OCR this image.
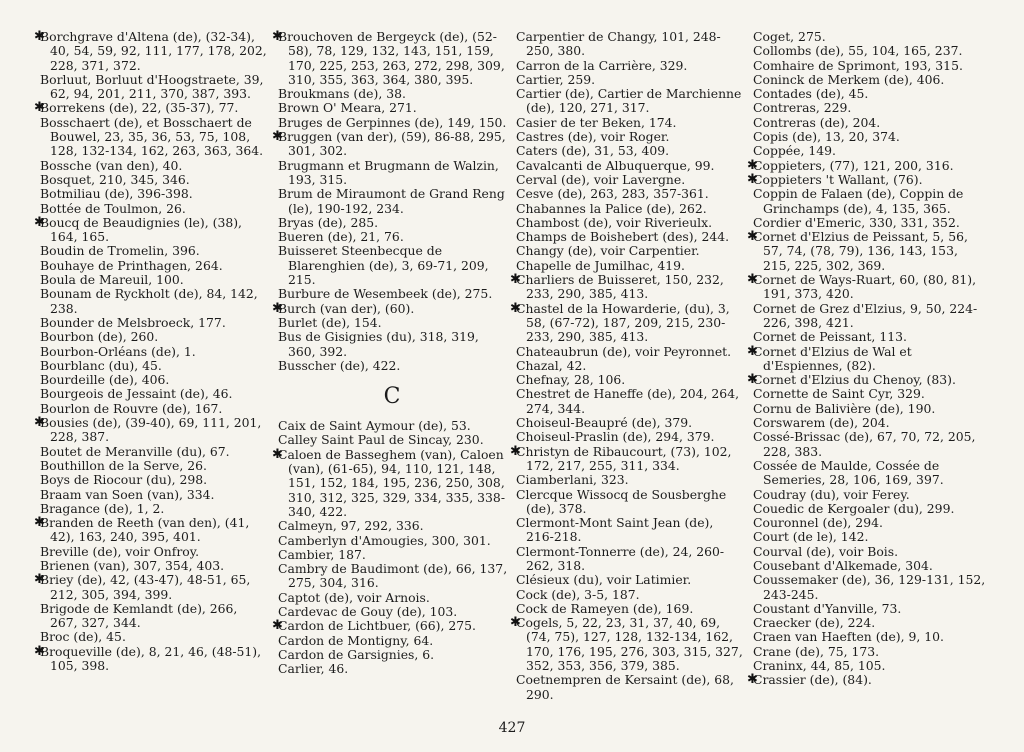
✱ Borchgrave d'Altena (de), (32-34), 40, 54, 59, 92, 111, 177, 178, 202, 228, 371, 372.

Borluut, Borluut d'Hoogstraete, 39, 62, 94, 201, 211, 370, 387, 393.

✱ Borrekens (de), 22, (35-37), 77.

Bosschaert (de), et Bosschaert de Bouwel, 23, 35, 36, 53, 75, 108, 128, 132-134, 162, 263, 363, 364.

Bossche (van den), 40.

Bosquet, 210, 345, 346.

Botmiliau (de), 396-398.

Bottée de Toulmon, 26.

✱ Boucq de Beaudignies (le), (38), 164, 165.

Boudin de Tromelin, 396.

Bouhaye de Printhagen, 264.

Boula de Mareuil, 100.

Bounam de Ryckholt (de), 84, 142, 238.

Bounder de Melsbroeck, 177.

Bourbon (de), 260.

Bourbon-Orléans (de), 1.

Bourblanc (du), 45.

Bourdeille (de), 406.

Bourgeois de Jessaint (de), 46.

Bourlon de Rouvre (de), 167.

✱ Bousies (de), (39-40), 69, 111, 201, 228, 387.

Boutet de Meranville (du), 67.

Bouthillon de la Serve, 26.

Boys de Riocour (du), 298.

Braam van Soen (van), 334.

Bragance (de), 1, 2.

✱ Branden de Reeth (van den), (41, 42), 163, 240, 395, 401.

Breville (de), voir Onfroy.

Brienen (van), 307, 354, 403.

✱ Briey (de), 42, (43-47), 48-51, 65, 212, 305, 394, 399.

Brigode de Kemlandt (de), 266, 267, 327, 344.

Broc (de), 45.

✱ Broqueville (de), 8, 21, 46, (48-51), 105, 398.

✱ Brouchoven de Bergeyck (de), (52-58), 78, 129, 132, 143, 151, 159, 170, 225, 253, 263, 272, 298, 309, 310, 355, 363, 364, 380, 395.

Broukmans (de), 38.

Brown O' Meara, 271.

Bruges de Gerpinnes (de), 149, 150.

✱ Bruggen (van der), (59), 86-88, 295, 301, 302.

Brugmann et Brugmann de Walzin, 193, 315.

Brum de Miraumont de Grand Reng (le), 190-192, 234.

Bryas (de), 285.

Bueren (de), 21, 76.

Buisseret Steenbecque de Blarenghien (de), 3, 69-71, 209, 215.

Burbure de Wesembeek (de), 275.

✱ Burch (van der), (60).

Burlet (de), 154.

Bus de Gisignies (du), 318, 319, 360, 392.

Busscher (de), 422.

C

Caix de Saint Aymour (de), 53.

Calley Saint Paul de Sincay, 230.

✱ Caloen de Basseghem (van), Caloen (van), (61-65), 94, 110, 121, 148, 151, 152, 184, 195, 236, 250, 308, 310, 312, 325, 329, 334, 335, 338-340, 422.

Calmeyn, 97, 292, 336.

Camberlyn d'Amougies, 300, 301.

Cambier, 187.

Cambry de Baudimont (de), 66, 137, 275, 304, 316.

Captot (de), voir Arnois.

Cardevac de Gouy (de), 103.

✱ Cardon de Lichtbuer, (66), 275.

Cardon de Montigny, 64.

Cardon de Garsignies, 6.

Carlier, 46.

Carpentier de Changy, 101, 248-250, 380.

Carron de la Carrière, 329.

Cartier, 259.

Cartier (de), Cartier de Marchienne (de), 120, 271, 317.

Casier de ter Beken, 174.

Castres (de), voir Roger.

Caters (de), 31, 53, 409.

Cavalcanti de Albuquerque, 99.

Cerval (de), voir Lavergne.

Cesve (de), 263, 283, 357-361.

Chabannes la Palice (de), 262.

Chambost (de), voir Riverieulx.

Champs de Boishebert (des), 244.

Changy (de), voir Carpentier.

Chapelle de Jumilhac, 419.

✱ Charliers de Buisseret, 150, 232, 233, 290, 385, 413.

✱ Chastel de la Howarderie, (du), 3, 58, (67-72), 187, 209, 215, 230-233, 290, 385, 413.

Chateaubrun (de), voir Peyronnet.

Chazal, 42.

Chefnay, 28, 106.

Chestret de Haneffe (de), 204, 264, 274, 344.

Choiseul-Beaupré (de), 379.

Choiseul-Praslin (de), 294, 379.

✱ Christyn de Ribaucourt, (73), 102, 172, 217, 255, 311, 334.

Ciamberlani, 323.

Clercque Wissocq de Sousberghe (de), 378.

Clermont-Mont Saint Jean (de), 216-218.

Clermont-Tonnerre (de), 24, 260-262, 318.

Clésieux (du), voir Latimier.

Cock (de), 3-5, 187.

Cock de Rameyen (de), 169.

✱ Cogels, 5, 22, 23, 31, 37, 40, 69, (74, 75), 127, 128, 132-134, 162, 170, 176, 195, 276, 303, 315, 327, 352, 353, 356, 379, 385.

Coetnempren de Kersaint (de), 68, 290.

Coget, 275.

Collombs (de), 55, 104, 165, 237.

Comhaire de Sprimont, 193, 315.

Coninck de Merkem (de), 406.

Contades (de), 45.

Contreras, 229.

Contreras (de), 204.

Copis (de), 13, 20, 374.

Coppée, 149.

✱ Coppieters, (77), 121, 200, 316.

✱ Coppieters 't Wallant, (76).

Coppin de Falaen (de), Coppin de Grinchamps (de), 4, 135, 365.

Cordier d'Emeric, 330, 331, 352.

✱ Cornet d'Elzius de Peissant, 5, 56, 57, 74, (78, 79), 136, 143, 153, 215, 225, 302, 369.

✱ Cornet de Ways-Ruart, 60, (80, 81), 191, 373, 420.

Cornet de Grez d'Elzius, 9, 50, 224-226, 398, 421.

Cornet de Peissant, 113.

✱ Cornet d'Elzius de Wal et d'Espiennes, (82).

✱ Cornet d'Elzius du Chenoy, (83).

Cornette de Saint Cyr, 329.

Cornu de Balivière (de), 190.

Corswarem (de), 204.

Cossé-Brissac (de), 67, 70, 72, 205, 228, 383.

Cossée de Maulde, Cossée de Semeries, 28, 106, 169, 397.

Coudray (du), voir Ferey.

Couedic de Kergoaler (du), 299.

Couronnel (de), 294.

Court (de le), 142.

Courval (de), voir Bois.

Cousebant d'Alkemade, 304.

Coussemaker (de), 36, 129-131, 152, 243-245.

Coustant d'Yanville, 73.

Craecker (de), 224.

Craen van Haeften (de), 9, 10.

Crane (de), 75, 173.

Craninx, 44, 85, 105.

✱ Crassier (de), (84).

427
